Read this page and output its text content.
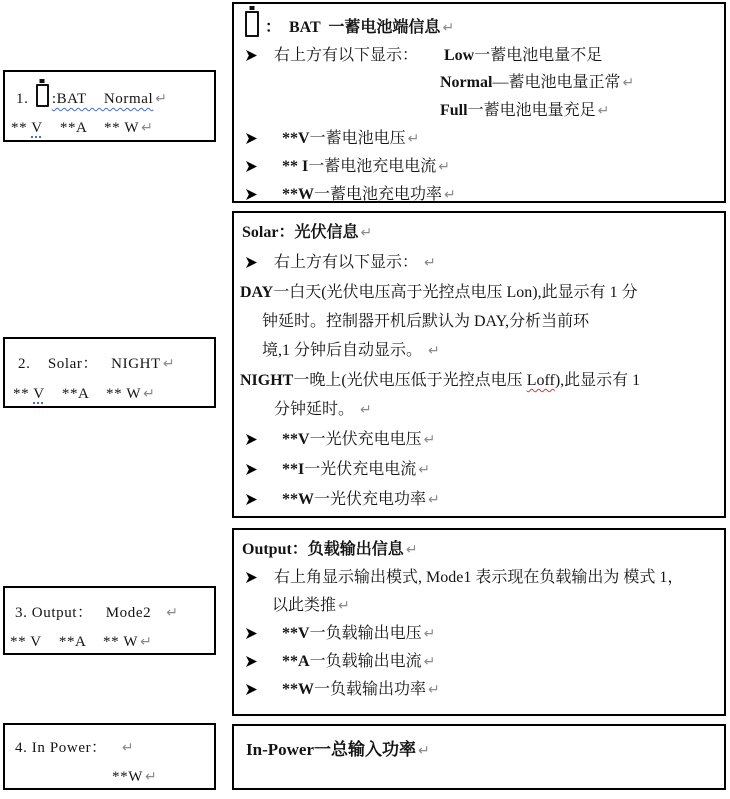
1. :BAT    Normal ↵
** V    **A    ** W ↵
2.    Solar：   NIGHT ↵
** V    **A    ** W ↵
3. Output：   Mode2   ↵
** V    **A    ** W ↵
4. In Power：   ↵
**W ↵
：  BAT  一蓄电池端信息 ↵
右上方有以下显示： Low一蓄电池电量不足
Normal—蓄电池电量正常 ↵
Full一蓄电池电量充足 ↵
**V一蓄电池电压 ↵
** I一蓄电池充电电流 ↵
**W一蓄电池充电功率 ↵
Solar：光伏信息 ↵
右上方有以下显示： ↵
DAY一白天(光伏电压高于光控点电压 Lon),此显示有 1 分
钟延时。控制器开机后默认为 DAY,分析当前环
境,1 分钟后自动显示。 ↵
NIGHT一晚上(光伏电压低于光控点电压 Loff),此显示有 1
分钟延时。 ↵
**V一光伏充电电压 ↵
**I一光伏充电电流 ↵
**W一光伏充电功率 ↵
Output：负载输出信息 ↵
右上角显示输出模式, Mode1 表示现在负载输出为 模式 1，
以此类推 ↵
**V一负载输出电压 ↵
**A一负载输出电流 ↵
**W一负载输出功率 ↵
In-Power一总输入功率 ↵
